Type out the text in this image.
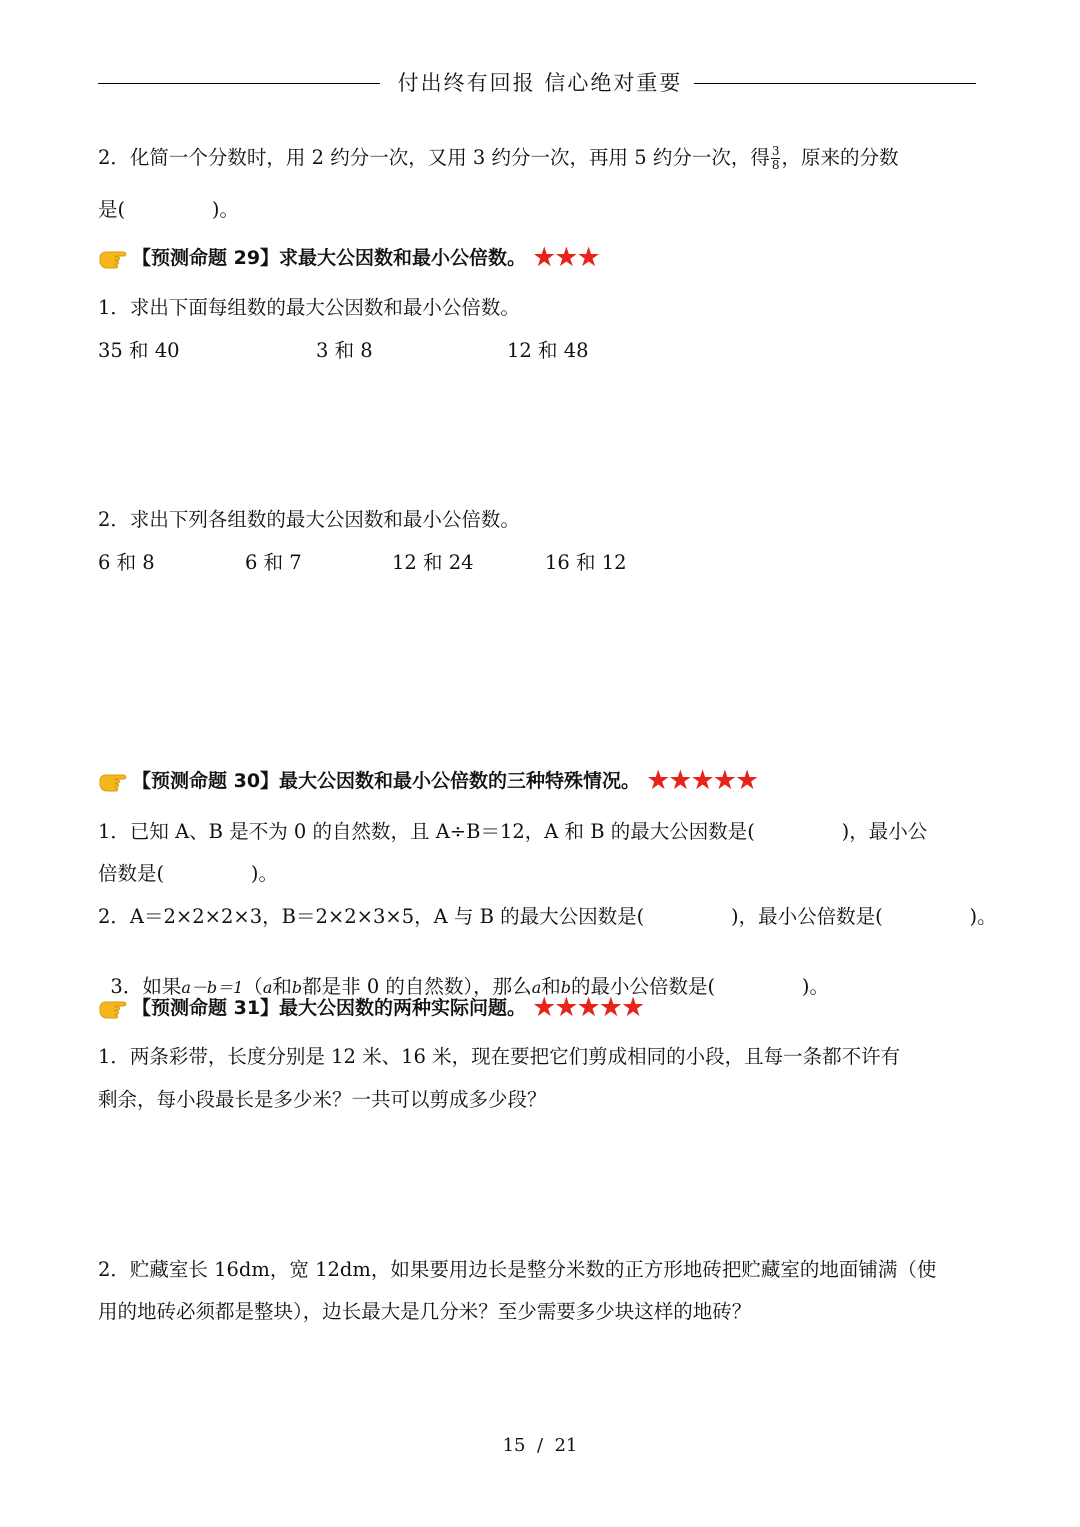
付出终有回报 信心绝对重要
2．化简一个分数时，用 2 约分一次，又用 3 约分一次，再用 5 约分一次，得 $\frac{3}{8}$ ，原来的分数
是(              )。
【预测命题 29】求最大公因数和最小公倍数。 ★
★
★
1．求出下面每组数的最大公因数和最小公倍数。
35 和 40	3 和 8	12 和 48
2．求出下列各组数的最大公因数和最小公倍数。
6 和 8	6 和 7	12 和 24	16 和 12
【预测命题 30】最大公因数和最小公倍数的三种特殊情况。 ★
★
★
★
★
1．已知 A、B 是不为 0 的自然数，且 A÷B＝12，A 和 B 的最大公因数是(              )，最小公
倍数是(              )。
2．A＝2×2×2×3，B＝2×2×3×5，A 与 B 的最大公因数是(              )，最小公倍数是(              )。

3．如果a－b＝1（a和b都是非 0 的自然数），那么a和b的最小公倍数是(              )。

【预测命题 31】最大公因数的两种实际问题。 ★
★
★
★
★
1．两条彩带，长度分别是 12 米、16 米，现在要把它们剪成相同的小段，且每一条都不许有
剩余，每小段最长是多少米？一共可以剪成多少段？
2．贮藏室长 16dm，宽 12dm，如果要用边长是整分米数的正方形地砖把贮藏室的地面铺满（使
用的地砖必须都是整块），边长最大是几分米？至少需要多少块这样的地砖？
15  /  21
